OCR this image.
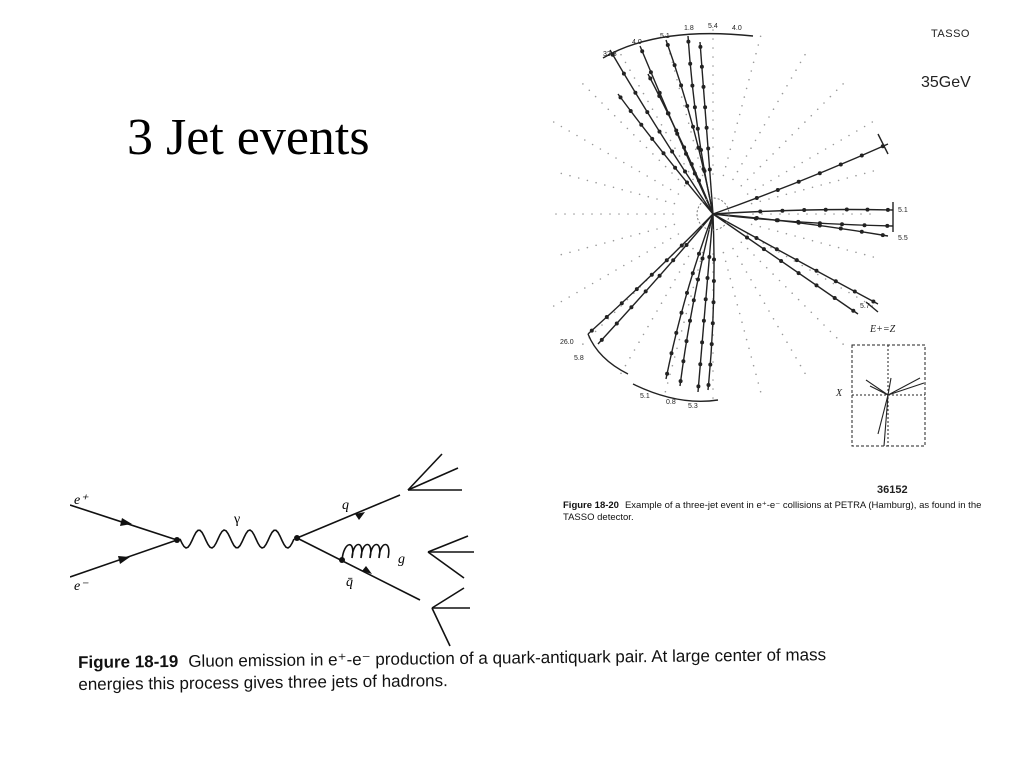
3 Jet events
32.8
4.0
5.1
1.8 5.4 4.0
5.1
5.5
5.7
26.0
5.8
5.1
0.8
5.3
TASSO
35GeV
36152
E+=Z
X
Figure 18-20 Example of a three-jet event in e⁺-e⁻ collisions at PETRA (Hamburg), as found in the TASSO detector.
e⁺
e⁻
γ
q
q̄
g
Figure 18-19 Gluon emission in e⁺-e⁻ production of a quark-antiquark pair. At large center of mass energies this process gives three jets of hadrons.
